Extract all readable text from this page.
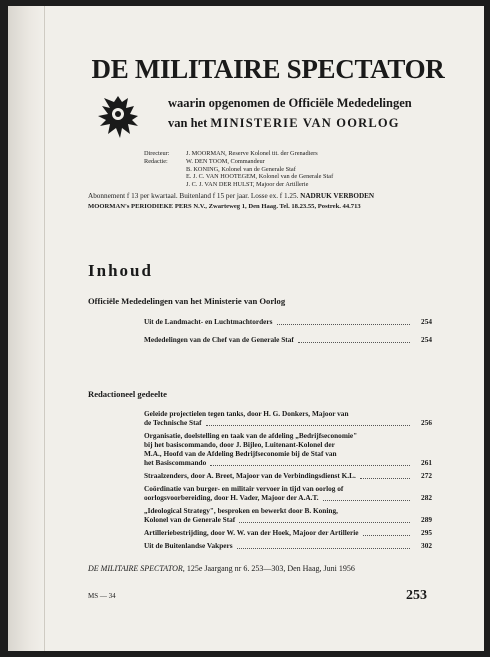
DE MILITAIRE SPECTATOR
waarin opgenomen de Officiële Mededelingen
van het MINISTERIE VAN OORLOG
Directeur:	J. MOORMAN, Reserve Kolonel tit. der Grenadiers
Redactie:	W. DEN TOOM, Commandeur
B. KONING, Kolonel van de Generale Staf
E. J. C. VAN HOOTEGEM, Kolonel van de Generale Staf
J. C. J. VAN DER HULST, Majoor der Artillerie
Abonnement f 13 per kwartaal. Buitenland f 15 per jaar. Losse ex. f 1.25. NADRUK VERBODEN
MOORMAN's PERIODIEKE PERS N.V., Zwarteweg 1, Den Haag. Tel. 18.23.55, Postrek. 44.713
Inhoud
Officiële Mededelingen van het Ministerie van Oorlog
Uit de Landmacht- en Luchtmachtorders	254
Mededelingen van de Chef van de Generale Staf	254
Redactioneel gedeelte
Geleide projectielen tegen tanks, door H. G. Donkers, Majoor van
de Technische Staf	256
Organisatie, doelstelling en taak van de afdeling „Bedrijfseconomie"
bij het basiscommando, door J. Bijleo, Luitenant-Kolonel der
M.A., Hoofd van de Afdeling Bedrijfseconomie bij de Staf van
het Basiscommando	261
Straalzenders, door A. Breet, Majoor van de Verbindingsdienst K.L.	272
Coördinatie van burger- en militair vervoer in tijd van oorlog of
oorlogsvoorbereiding, door H. Vader, Majoor der A.A.T.	282
„Ideological Strategy", besproken en bewerkt door B. Koning,
Kolonel van de Generale Staf	289
Artilleriebestrijding, door W. W. van der Hoek, Majoor der Artillerie	295
Uit de Buitenlandse Vakpers	302
DE MILITAIRE SPECTATOR, 125e Jaargang nr 6. 253—303, Den Haag, Juni 1956
MS — 34	253
